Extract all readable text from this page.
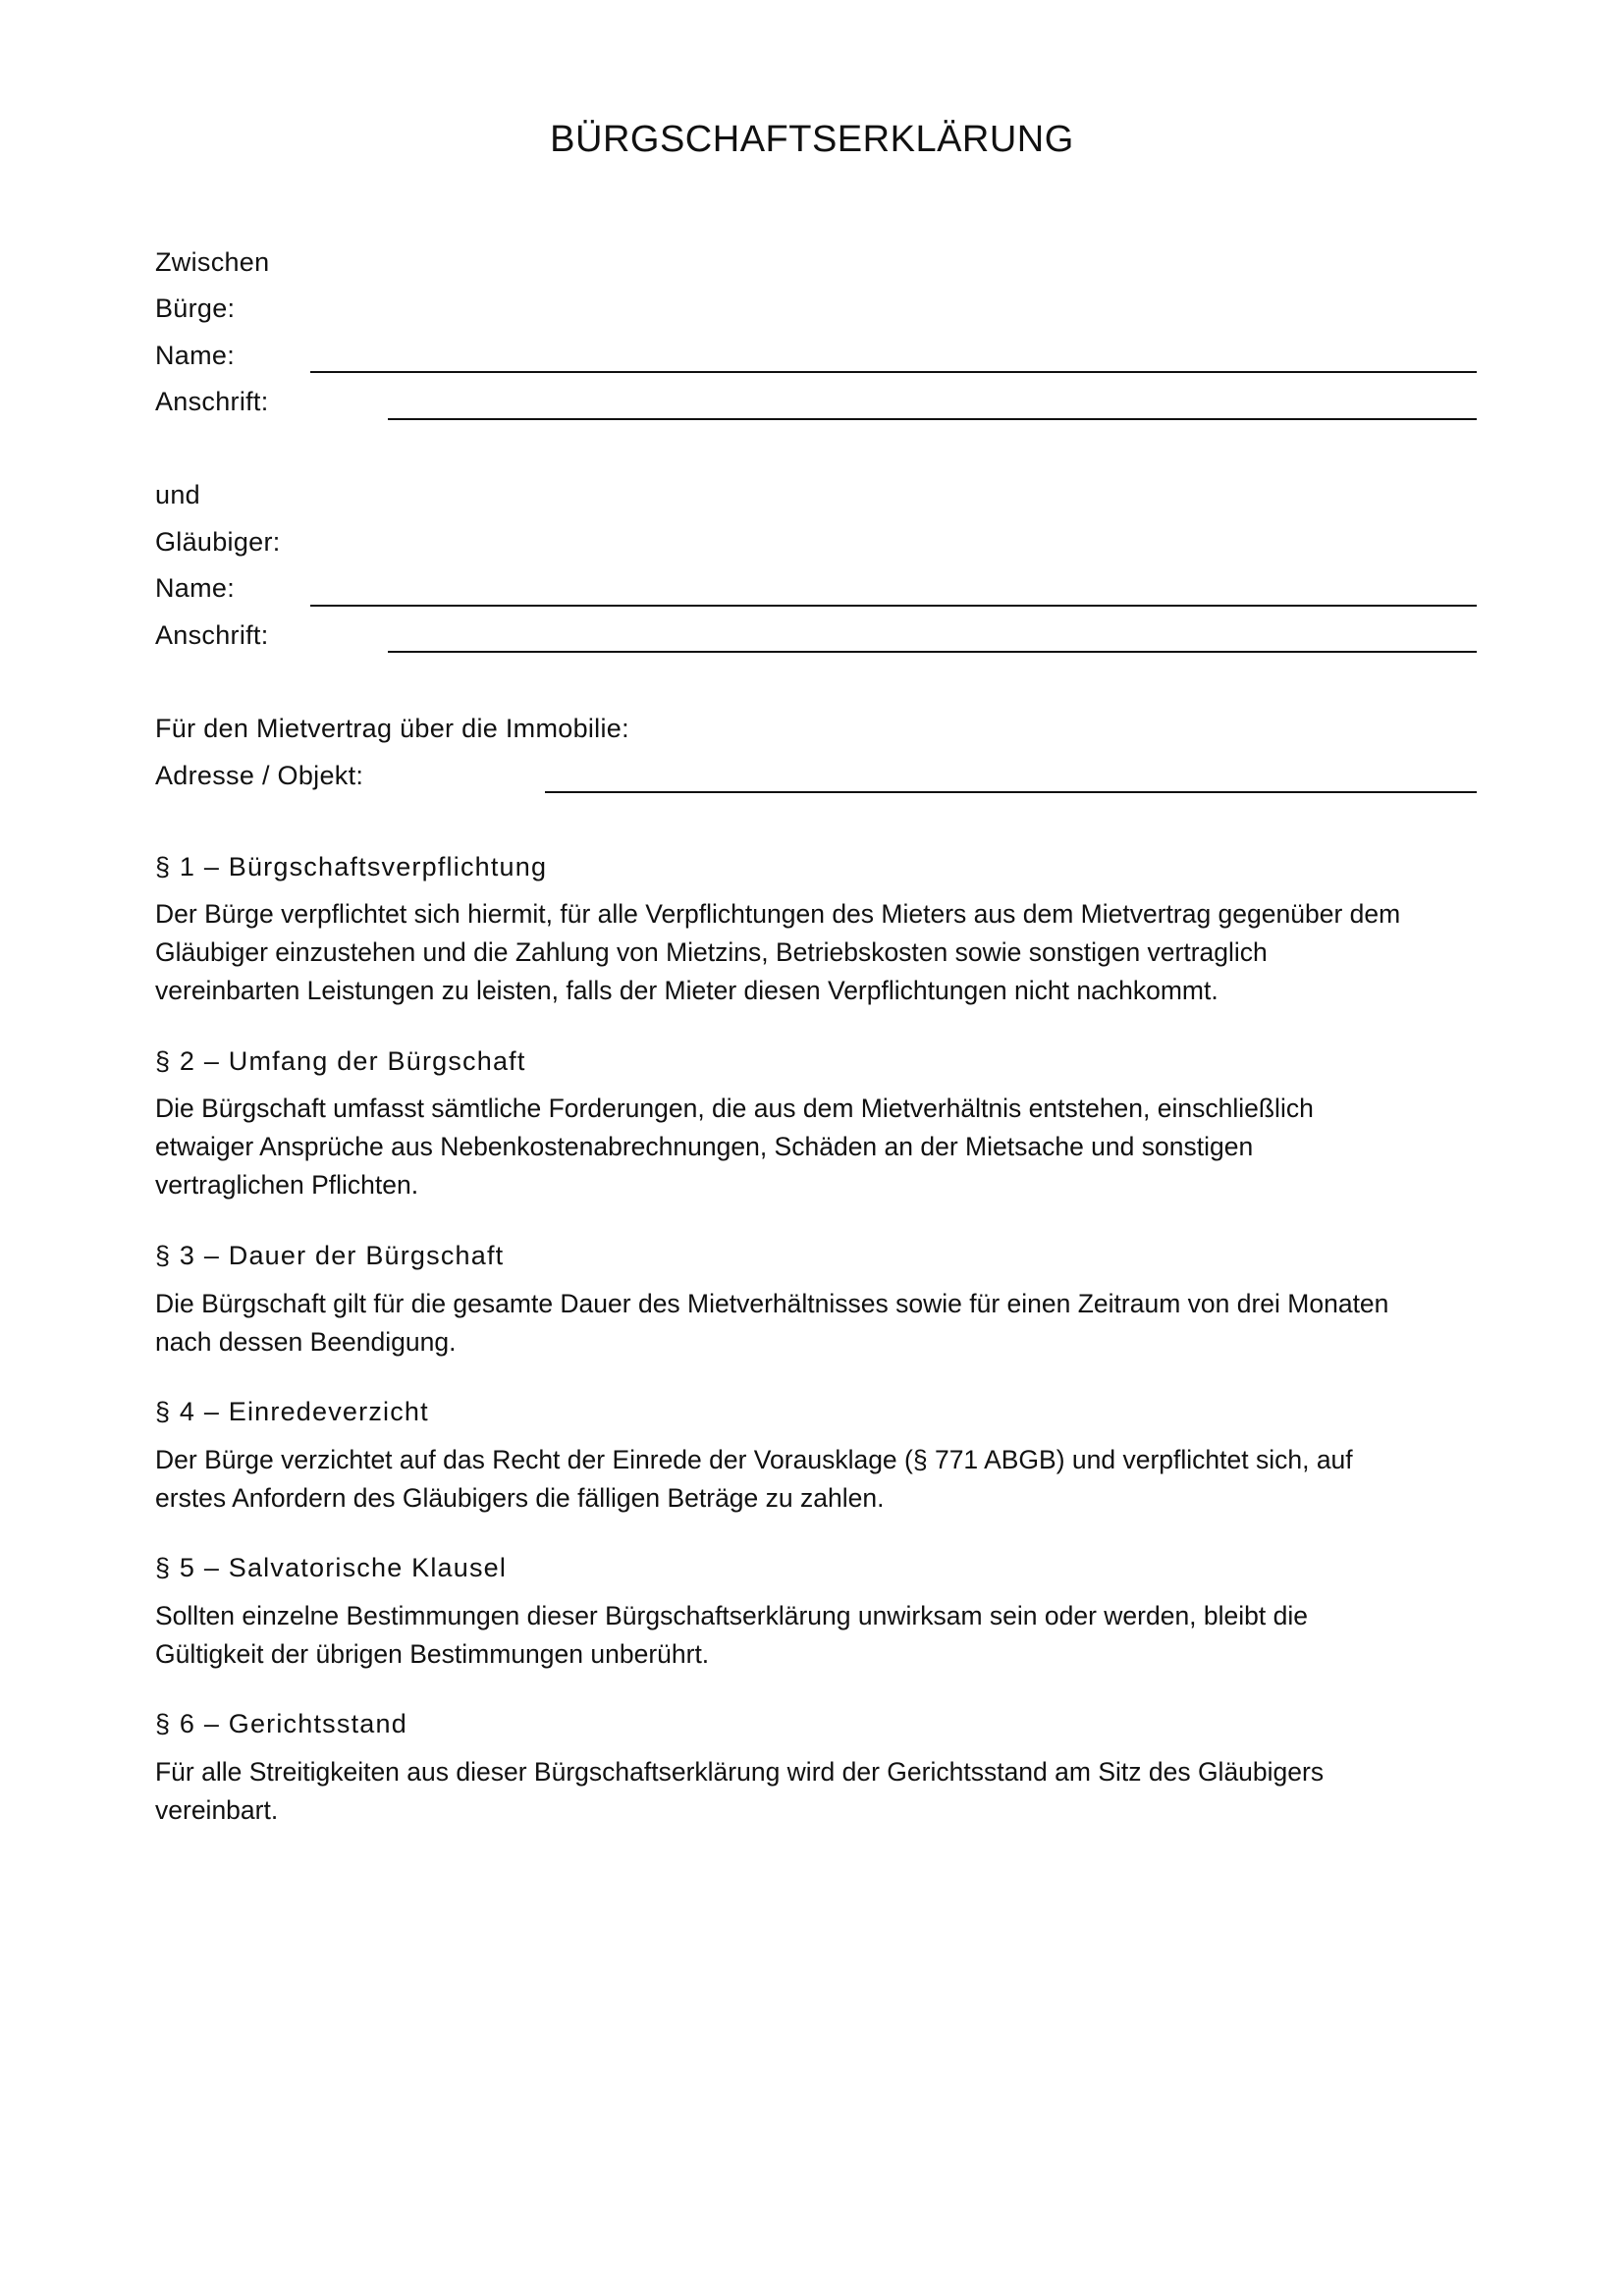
BÜRGSCHAFTSERKLÄRUNG
Zwischen
Bürge:
Name:
Anschrift:
und
Gläubiger:
Name:
Anschrift:
Für den Mietvertrag über die Immobilie:
Adresse / Objekt:
§ 1 – Bürgschaftsverpflichtung
Der Bürge verpflichtet sich hiermit, für alle Verpflichtungen des Mieters aus dem Mietvertrag gegenüber dem
Gläubiger einzustehen und die Zahlung von Mietzins, Betriebskosten sowie sonstigen vertraglich
vereinbarten Leistungen zu leisten, falls der Mieter diesen Verpflichtungen nicht nachkommt.
§ 2 – Umfang der Bürgschaft
Die Bürgschaft umfasst sämtliche Forderungen, die aus dem Mietverhältnis entstehen, einschließlich
etwaiger Ansprüche aus Nebenkostenabrechnungen, Schäden an der Mietsache und sonstigen
vertraglichen Pflichten.
§ 3 – Dauer der Bürgschaft
Die Bürgschaft gilt für die gesamte Dauer des Mietverhältnisses sowie für einen Zeitraum von drei Monaten
nach dessen Beendigung.
§ 4 – Einredeverzicht
Der Bürge verzichtet auf das Recht der Einrede der Vorausklage (§ 771 ABGB) und verpflichtet sich, auf
erstes Anfordern des Gläubigers die fälligen Beträge zu zahlen.
§ 5 – Salvatorische Klausel
Sollten einzelne Bestimmungen dieser Bürgschaftserklärung unwirksam sein oder werden, bleibt die
Gültigkeit der übrigen Bestimmungen unberührt.
§ 6 – Gerichtsstand
Für alle Streitigkeiten aus dieser Bürgschaftserklärung wird der Gerichtsstand am Sitz des Gläubigers
vereinbart.
